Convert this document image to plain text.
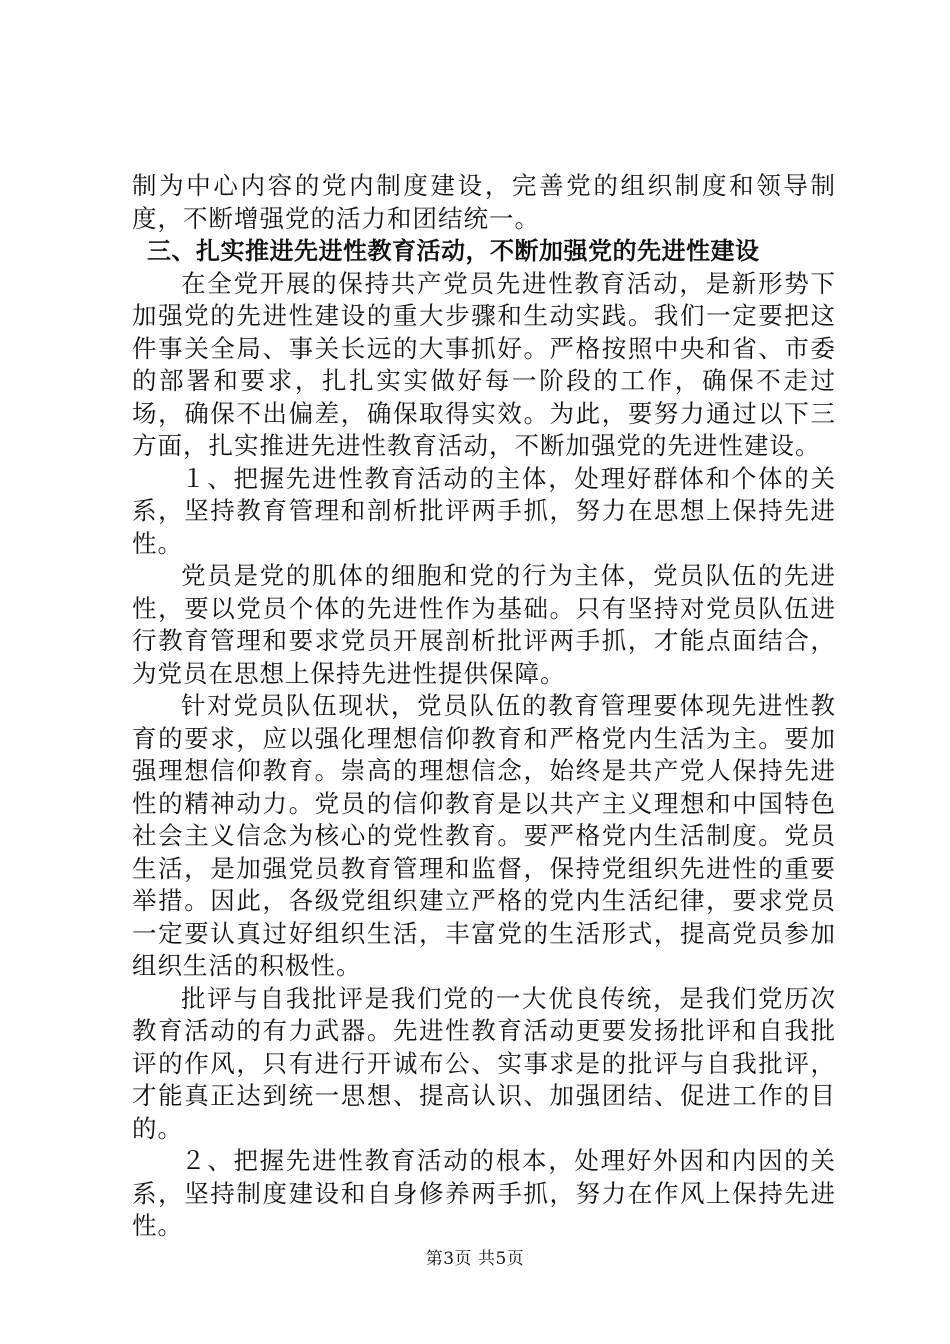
制为中心内容的党内制度建设，完善党的组织制度和领导制度，不断增强党的活力和团结统一。

三、扎实推进先进性教育活动，不断加强党的先进性建设

在全党开展的保持共产党员先进性教育活动，是新形势下加强党的先进性建设的重大步骤和生动实践。我们一定要把这件事关全局、事关长远的大事抓好。严格按照中央和省、市委的部署和要求，扎扎实实做好每一阶段的工作，确保不走过场，确保不出偏差，确保取得实效。为此，要努力通过以下三方面，扎实推进先进性教育活动，不断加强党的先进性建设。

１、把握先进性教育活动的主体，处理好群体和个体的关系，坚持教育管理和剖析批评两手抓，努力在思想上保持先进性。

党员是党的肌体的细胞和党的行为主体，党员队伍的先进性，要以党员个体的先进性作为基础。只有坚持对党员队伍进行教育管理和要求党员开展剖析批评两手抓，才能点面结合，为党员在思想上保持先进性提供保障。

针对党员队伍现状，党员队伍的教育管理要体现先进性教育的要求，应以强化理想信仰教育和严格党内生活为主。要加强理想信仰教育。崇高的理想信念，始终是共产党人保持先进性的精神动力。党员的信仰教育是以共产主义理想和中国特色社会主义信念为核心的党性教育。要严格党内生活制度。党员生活，是加强党员教育管理和监督，保持党组织先进性的重要举措。因此，各级党组织建立严格的党内生活纪律，要求党员一定要认真过好组织生活，丰富党的生活形式，提高党员参加组织生活的积极性。

批评与自我批评是我们党的一大优良传统，是我们党历次教育活动的有力武器。先进性教育活动更要发扬批评和自我批评的作风，只有进行开诚布公、实事求是的批评与自我批评，才能真正达到统一思想、提高认识、加强团结、促进工作的目的。

２、把握先进性教育活动的根本，处理好外因和内因的关系，坚持制度建设和自身修养两手抓，努力在作风上保持先进性。

第3页 共5页
